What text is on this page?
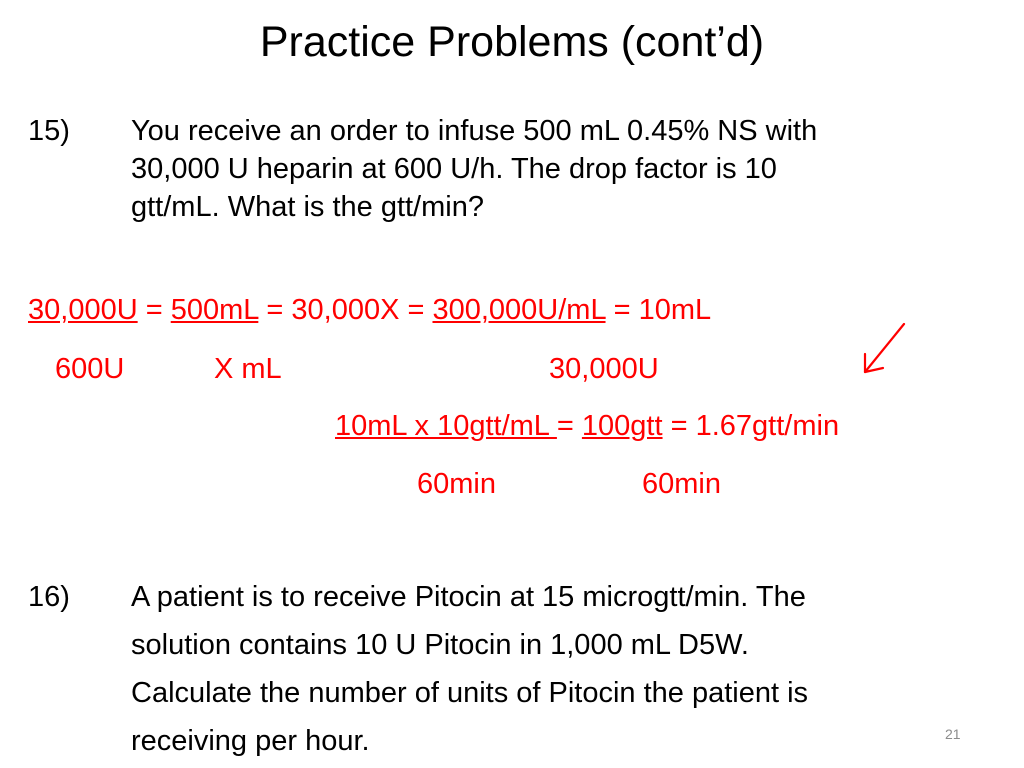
Practice Problems (cont’d)
15) You receive an order to infuse 500 mL 0.45% NS with
30,000 U heparin at 600 U/h. The drop factor is 10
gtt/mL. What is the gtt/min?
30,000U = 500mL = 30,000X = 300,000U/mL = 10mL
600U	X mL	30,000U
10mL x 10gtt/mL = 100gtt = 1.67gtt/min
60min	60min
16) A patient is to receive Pitocin at 15 microgtt/min. The
solution contains 10 U Pitocin in 1,000 mL D5W.
Calculate the number of units of Pitocin the patient is
receiving per hour.	21
